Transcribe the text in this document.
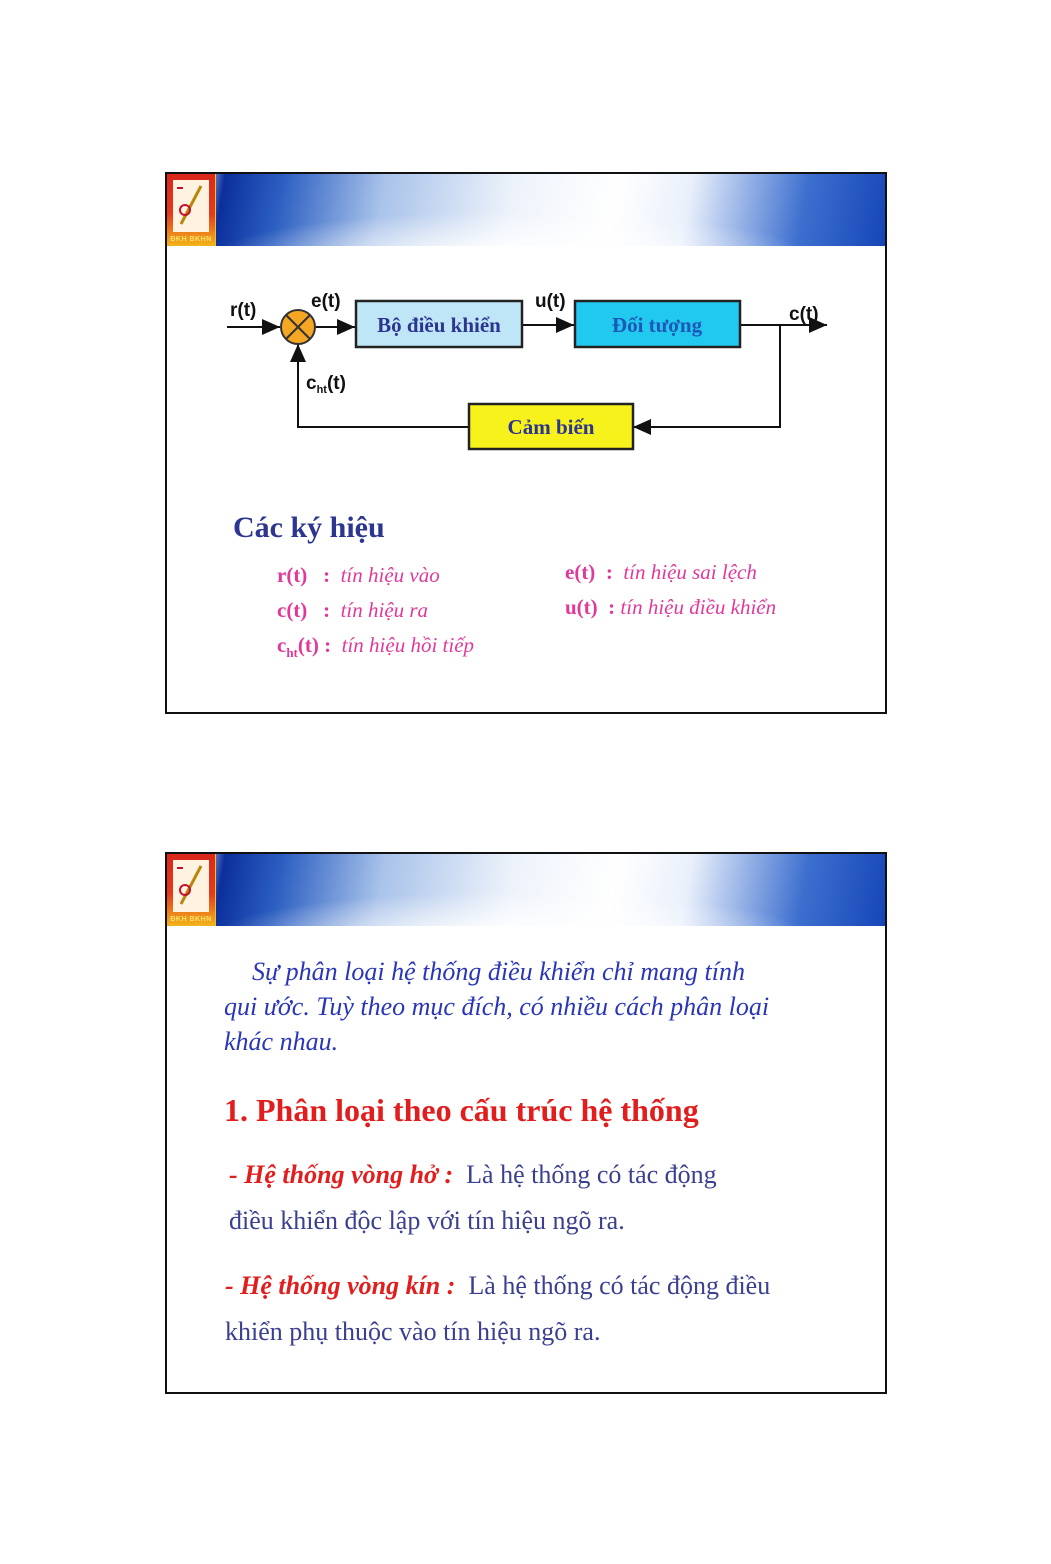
ĐKH BKHN
Bộ điều khiển	Đối tượng
Cảm biến
r(t)	e(t)	u(t)
c(t)
$c_{ht}(t)$
Các ký hiệu
r(t) : tín hiệu vào
c(t) : tín hiệu ra
$c_{ht}(t)$ : tín hiệu hồi tiếp
e(t) : tín hiệu sai lệch
u(t) : tín hiệu điều khiển
ĐKH BKHN
Sự phân loại hệ thống điều khiển chỉ mang tính
qui ước. Tuỳ theo mục đích, có nhiều cách phân loại
khác nhau.
1. Phân loại theo cấu trúc hệ thống
- Hệ thống vòng hở : Là hệ thống có tác động
điều khiển độc lập với tín hiệu ngõ ra.
- Hệ thống vòng kín : Là hệ thống có tác động điều
khiển phụ thuộc vào tín hiệu ngõ ra.
